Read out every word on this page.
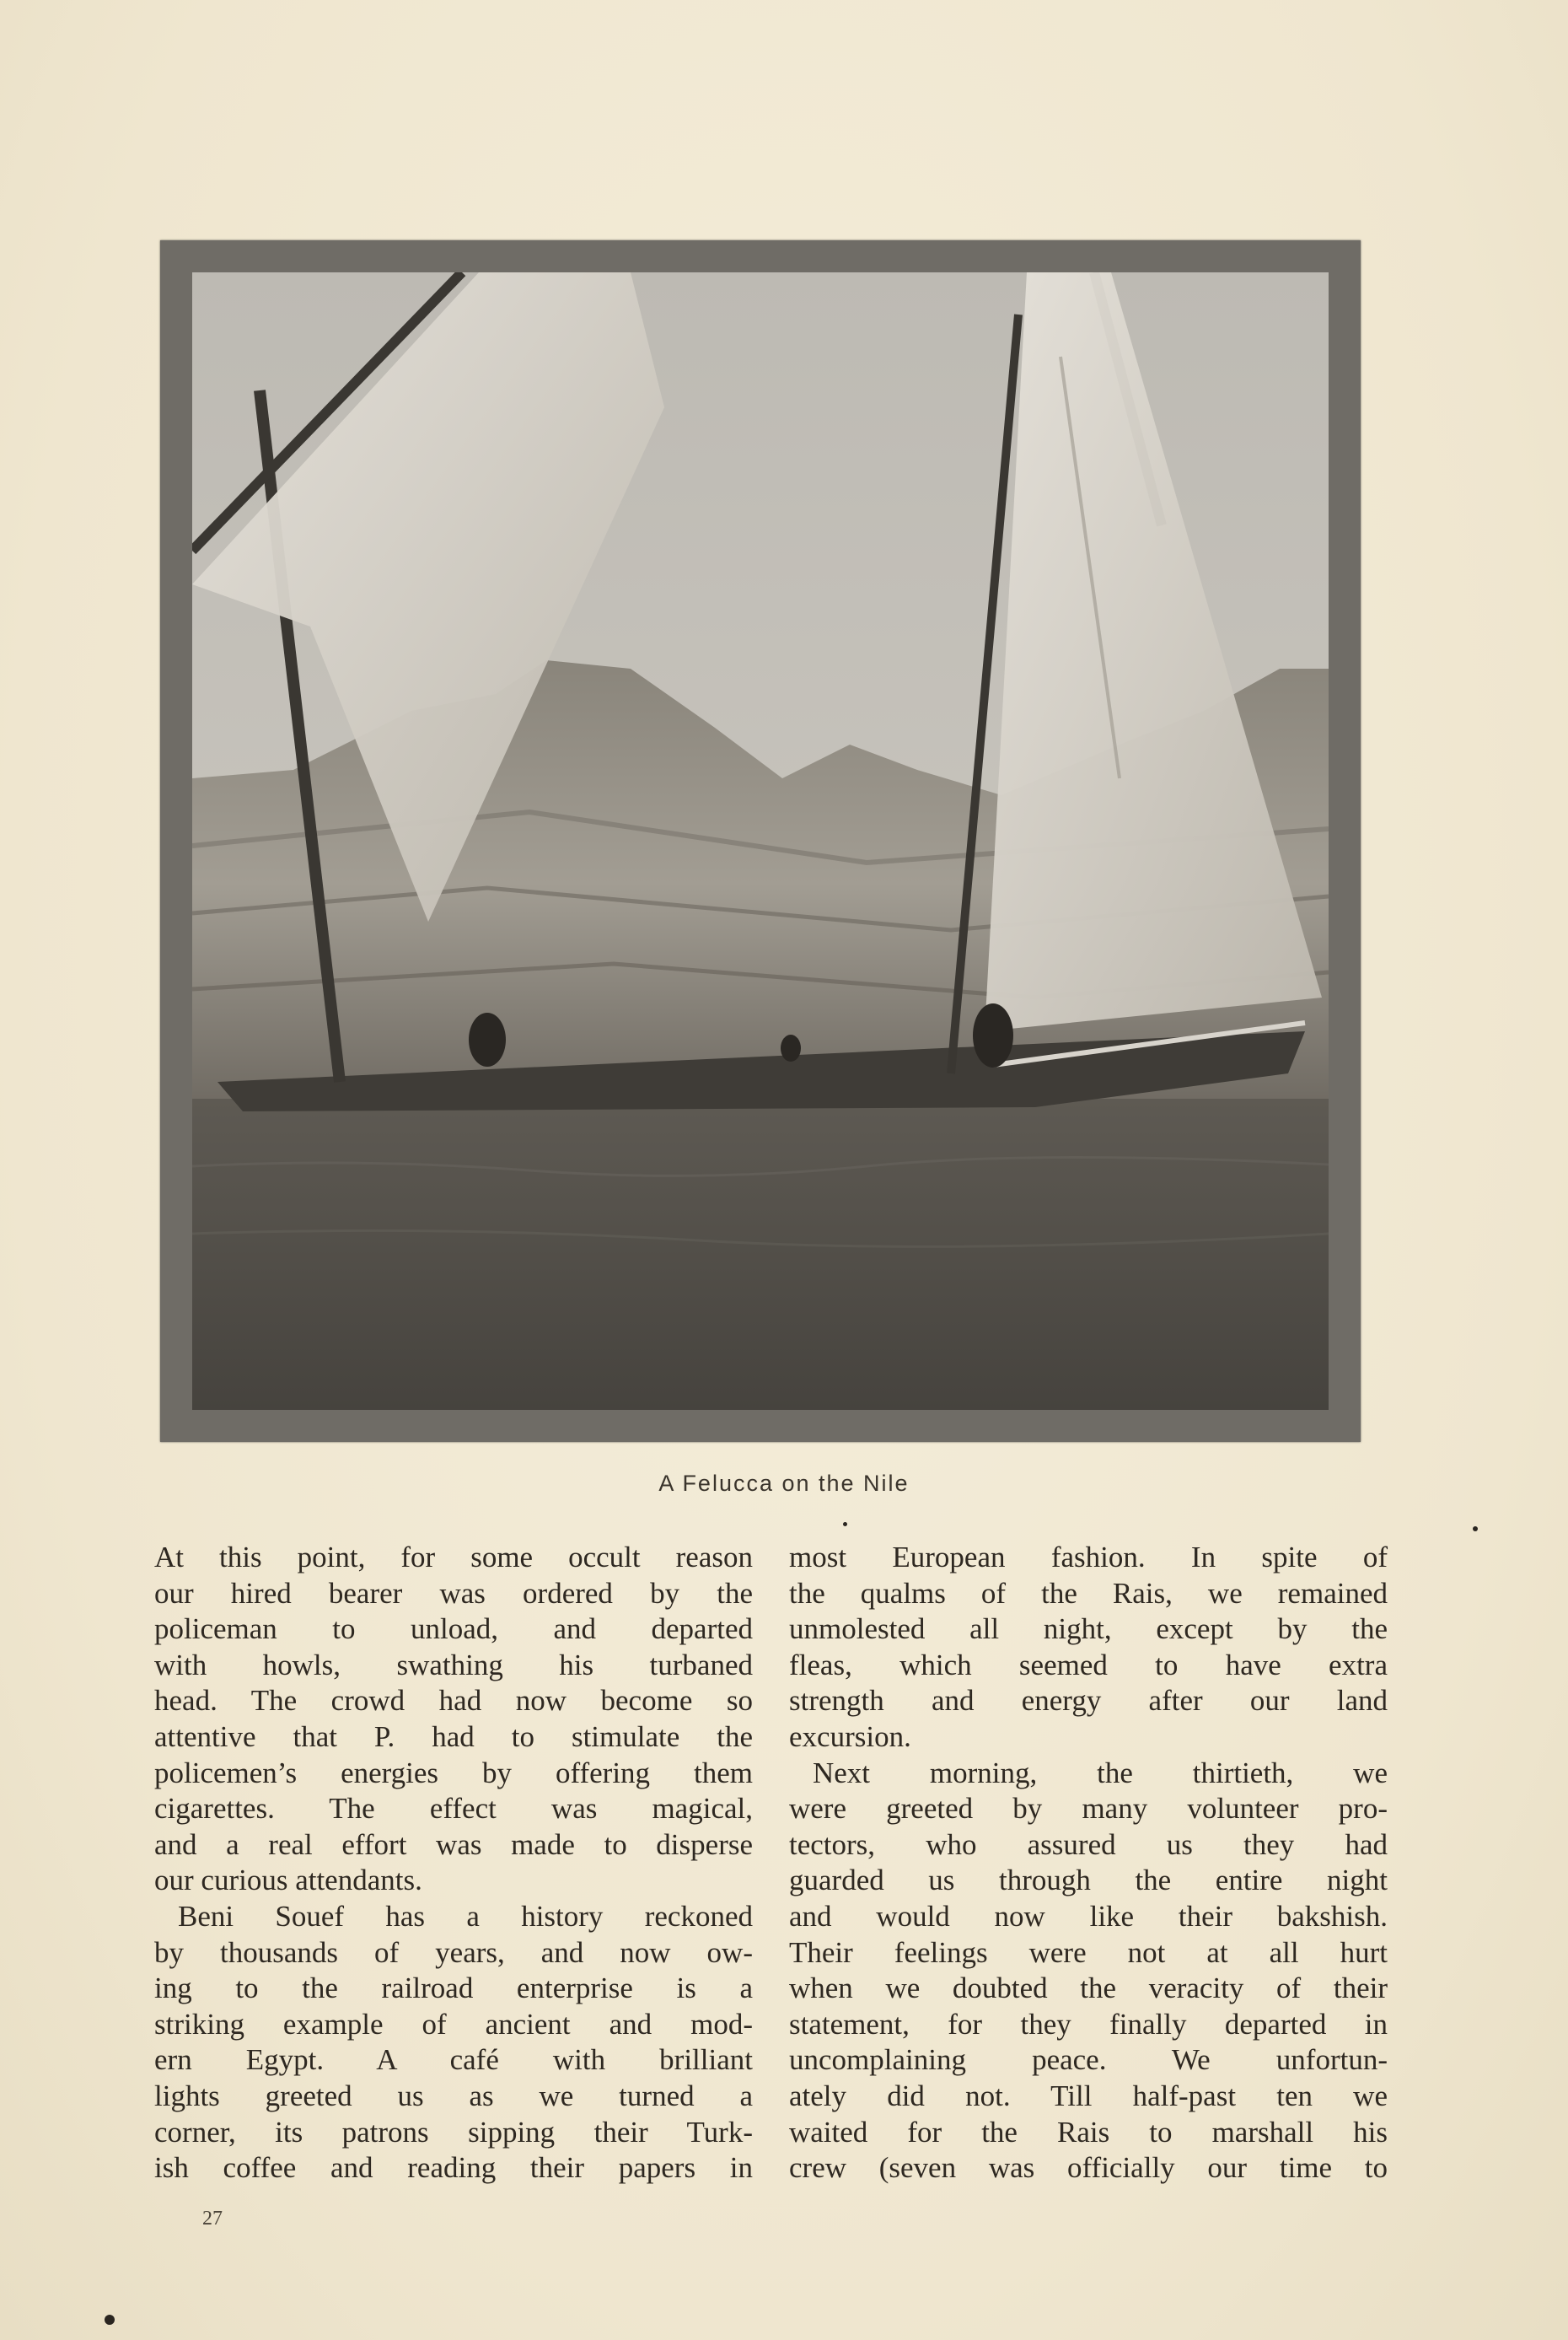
A Felucca on the Nile
At this point, for some occult reason
our hired bearer was ordered by the
policeman to unload, and departed
with howls, swathing his turbaned
head. The crowd had now become so
attentive that P. had to stimulate the
policemen’s energies by offering them
cigarettes. The effect was magical,
and a real effort was made to disperse
our curious attendants.
Beni Souef has a history reckoned
by thousands of years, and now ow-
ing to the railroad enterprise is a
striking example of ancient and mod-
ern Egypt. A café with brilliant
lights greeted us as we turned a
corner, its patrons sipping their Turk-
ish coffee and reading their papers in
most European fashion. In spite of
the qualms of the Rais, we remained
unmolested all night, except by the
fleas, which seemed to have extra
strength and energy after our land
excursion.
Next morning, the thirtieth, we
were greeted by many volunteer pro-
tectors, who assured us they had
guarded us through the entire night
and would now like their bakshish.
Their feelings were not at all hurt
when we doubted the veracity of their
statement, for they finally departed in
uncomplaining peace. We unfortun-
ately did not. Till half-past ten we
waited for the Rais to marshall his
crew (seven was officially our time to
27
